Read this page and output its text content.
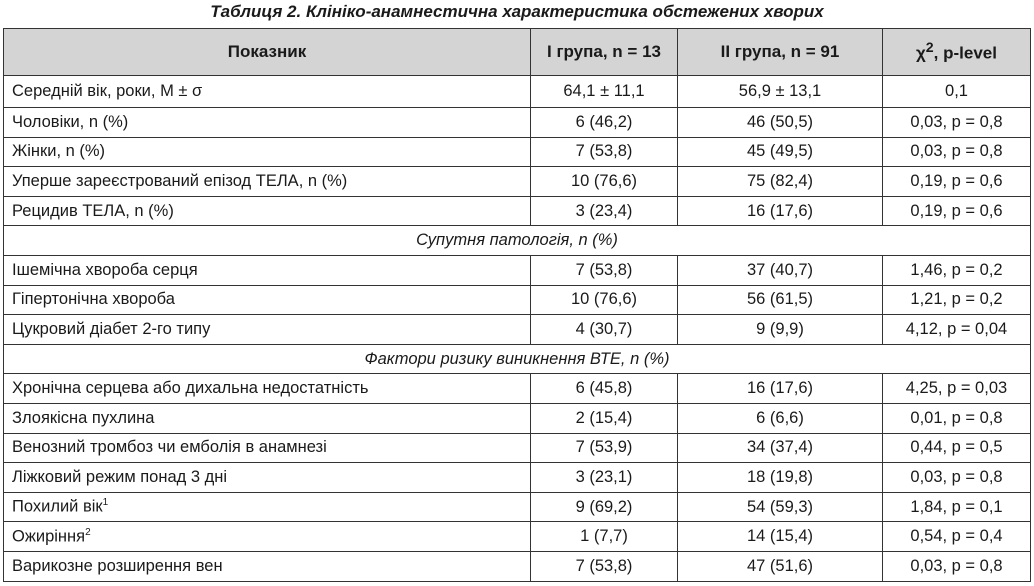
Таблиця 2. Клініко-анамнестична характеристика обстежених хворих
Показник	I група, n = 13	II група, n = 91	$\chi^2$, p-level
Середній вік, роки, M ± σ	64,1 ± 11,1	56,9 ± 13,1	0,1
Чоловіки, n (%)	6 (46,2)	46 (50,5)	0,03, p = 0,8
Жінки, n (%)	7 (53,8)	45 (49,5)	0,03, p = 0,8
Уперше зареєстрований епізод ТЕЛА, n (%)	10 (76,6)	75 (82,4)	0,19, p = 0,6
Рецидив ТЕЛА, n (%)	3 (23,4)	16 (17,6)	0,19, p = 0,6
Супутня патологія, n (%)			
Ішемічна хвороба серця	7 (53,8)	37 (40,7)	1,46, p = 0,2
Гіпертонічна хвороба	10 (76,6)	56 (61,5)	1,21, p = 0,2
Цукровий діабет 2-го типу	4 (30,7)	9 (9,9)	4,12, p = 0,04
Фактори ризику виникнення ВТЕ, n (%)			
Хронічна серцева або дихальна недостатність	6 (45,8)	16 (17,6)	4,25, p = 0,03
Злоякісна пухлина	2 (15,4)	6 (6,6)	0,01, p = 0,8
Венозний тромбоз чи емболія в анамнезі	7 (53,9)	34 (37,4)	0,44, p = 0,5
Ліжковий режим понад 3 дні	3 (23,1)	18 (19,8)	0,03, p = 0,8
Похилий вік$^1$	9 (69,2)	54 (59,3)	1,84, p = 0,1
Ожиріння$^2$	1 (7,7)	14 (15,4)	0,54, p = 0,4
Варикозне розширення вен	7 (53,8)	47 (51,6)	0,03, p = 0,8
